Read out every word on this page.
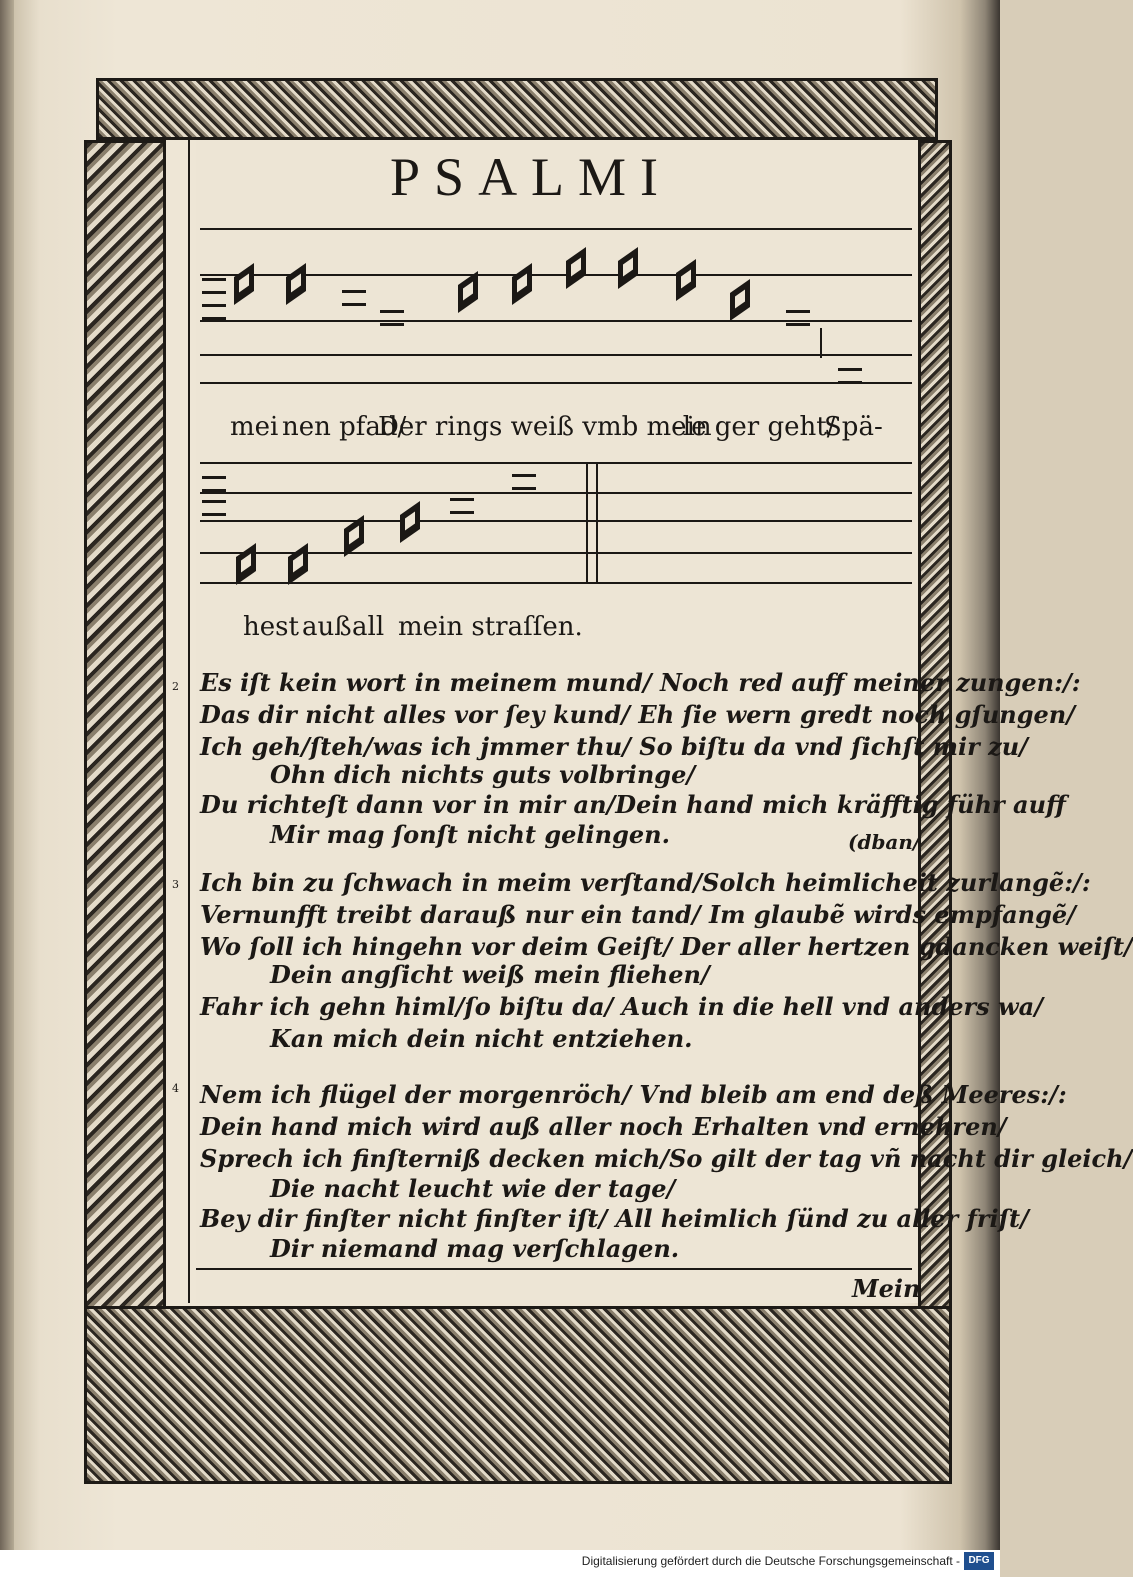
PSALMI
mei nen pfad/
Der rings weiß vmb mein
-le ger geht/
Spä-
hest auß all mein straſſen.
2 Es iſt kein wort in meinem mund/ Noch red auff meiner zungen:/:
Das dir nicht alles vor ſey kund/ Eh ſie wern gredt noch gſungen/
Ich geh/ſteh/was ich jmmer thu/ So biſtu da vnd ſichſt mir zu/
Ohn dich nichts guts volbringe/
Du richteſt dann vor in mir an/Dein hand mich kräfftig führ auff
Mir mag ſonſt nicht gelingen.	(dban/
3 Ich bin zu ſchwach in meim verſtand/Solch heimlicheit zurlangẽ:/:
Vernunfft treibt darauß nur ein tand/ Im glaubẽ wirds empfangẽ/
Wo ſoll ich hingehn vor deim Geiſt/ Der aller hertzen gdancken weiſt/
Dein angſicht weiß mein fliehen/
Fahr ich gehn himl/ſo biſtu da/ Auch in die hell vnd anders wa/
Kan mich dein nicht entziehen.
4 Nem ich flügel der morgenröch/ Vnd bleib am end deß Meeres:/:
Dein hand mich wird auß aller noch Erhalten vnd ernehren/
Sprech ich finſterniß decken mich/So gilt der tag vñ nacht dir gleich/
Die nacht leucht wie der tage/
Bey dir finſter nicht finſter iſt/ All heimlich ſünd zu aller friſt/
Dir niemand mag verſchlagen.
Mein
Digitalisierung gefördert durch die Deutsche Forschungsgemeinschaft - DFG
